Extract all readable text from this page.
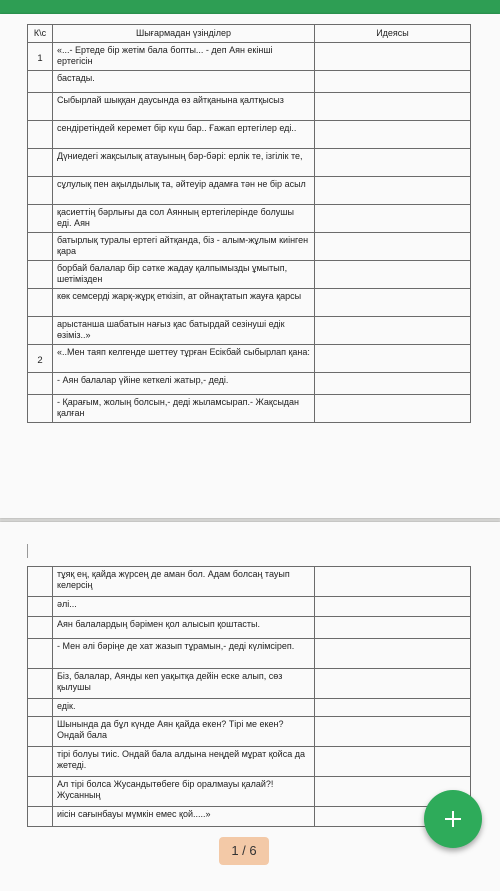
К\с	Шығармадан үзінділер	Идеясы
1	«...- Ертеде бір жетім бала бопты... - деп Аян екінші ертегісін	
	бастады.	
	Сыбырлай шыққан даусында өз айтқанына қалтқысыз	
	сендіретіндей керемет бір күш бар.. Ғажап ертегілер еді..	
	Дүниедегі жақсылық атауының бәр-бәрі: ерлік те, ізгілік те,	
	сұлулық пен ақылдылық та, әйтеуір адамға тән не бір асыл	
	қасиеттің бәрлығы да сол Аянның ертегілерінде болушы еді. Аян	
	батырлық туралы ертегі айтқанда, біз - алым-жұлым киінген қара	
	борбай балалар бір сәтке жадау қалпымызды ұмытып, шетімізден	
	көк семсерді жарқ-жұрқ еткізіп, ат ойнақтатып жауға қарсы	
	арыстанша шабатын нағыз қас батырдай сезінуші едік өзіміз..»	
2	«..Мен таяп келгенде шеттеу тұрған Есікбай сыбырлап қана:	
	- Аян балалар үйіне кеткелі жатыр,- деді.	
	- Қарағым, жолың болсын,- деді жыламсырап.- Жақсыдан қалған	
	тұяқ ең, қайда жүрсең де аман бол. Адам болсаң тауып келерсің	
	әлі...	
	Аян балалардың бәрімен қол алысып қоштасты.	
	- Мен әлі бәріңе де хат жазып тұрамын,- деді күлімсіреп.	
	Біз, балалар, Аянды кеп уақытқа дейін еске алып, сөз қылушы	
	едік.	
	Шынында да бұл күнде Аян қайда екен? Тірі ме екен? Ондай бала	
	тірі болуы тиіс. Ондай бала алдына неңдей мұрат қойса да жетеді.	
	Ал тірі болса Жусандытөбеге бір оралмауы қалай?! Жусанның	
	иісін сағынбауы мүмкін емес қой.....»	
1 / 6
